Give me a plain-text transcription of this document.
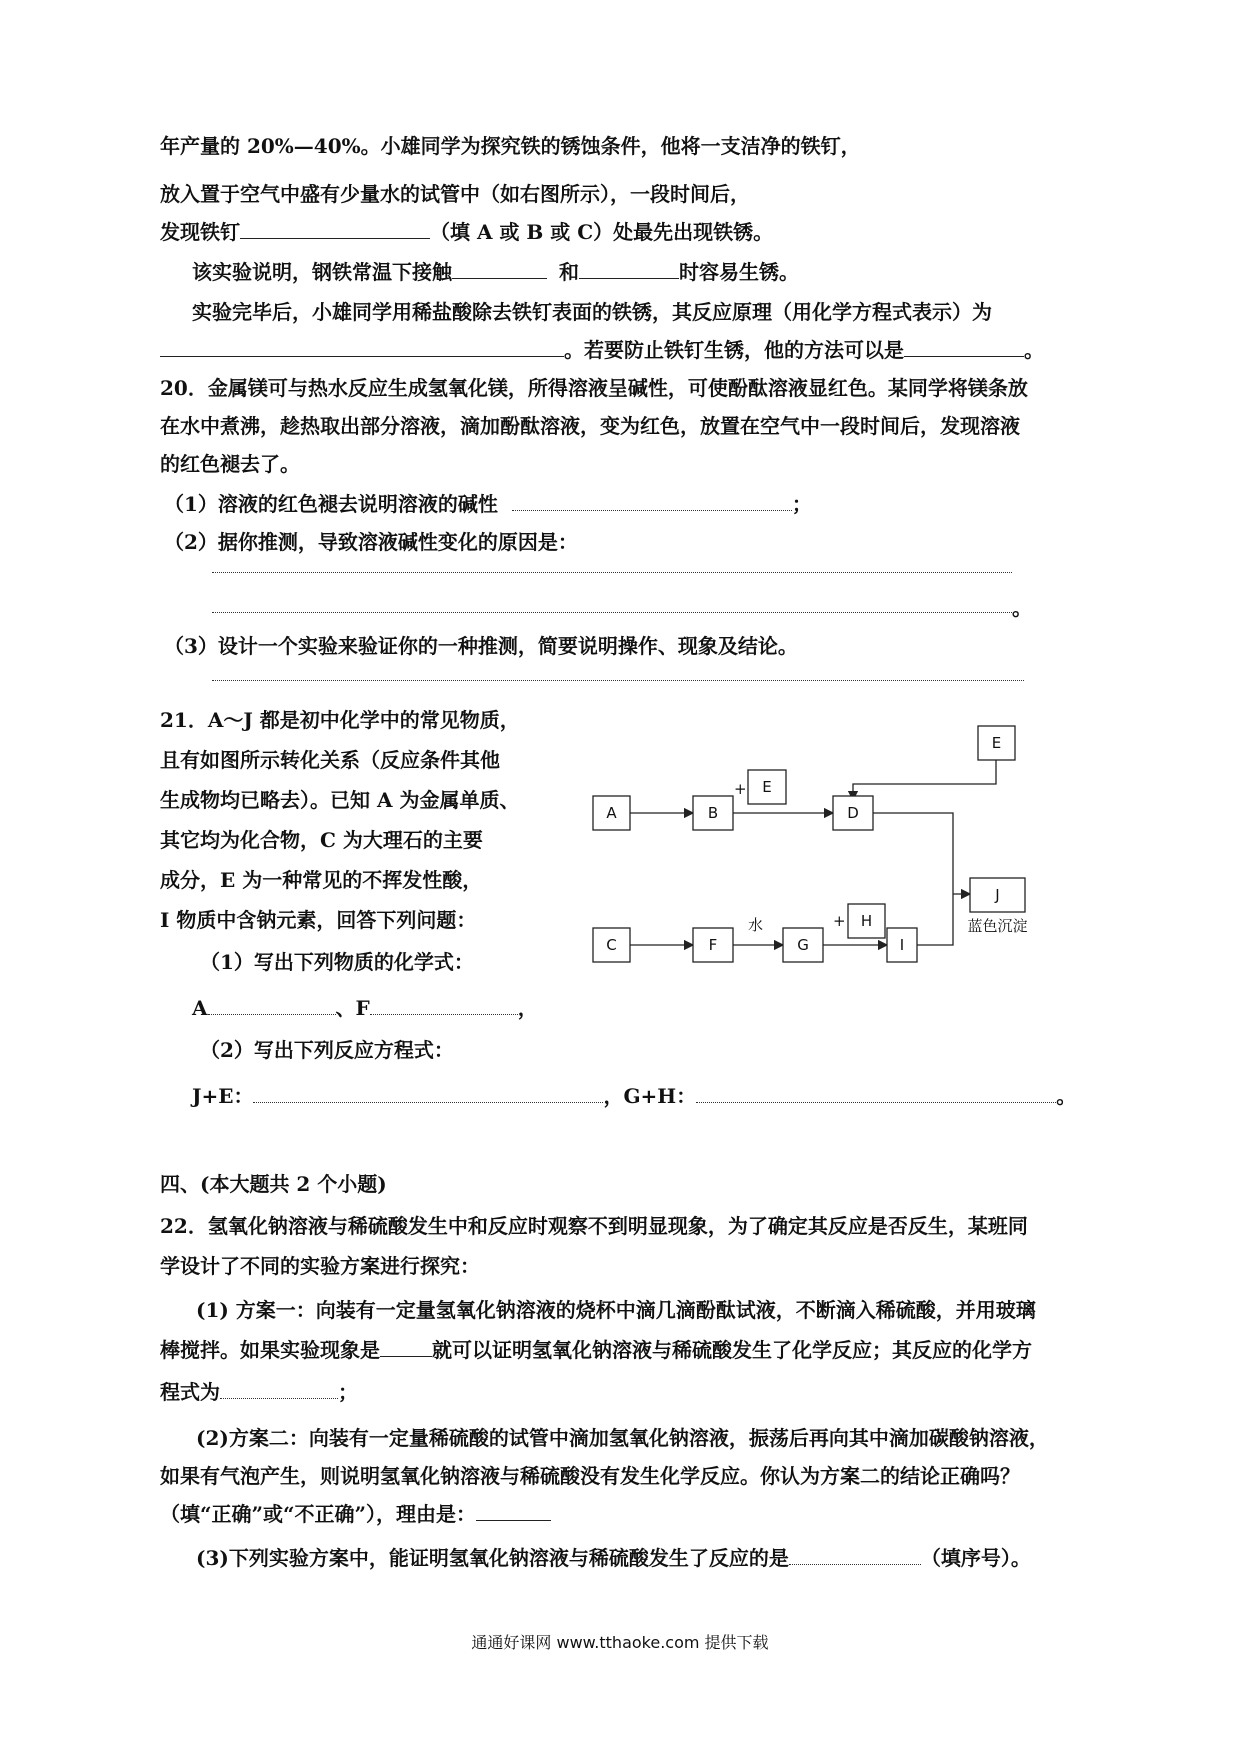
年产量的 20%—40%。小雄同学为探究铁的锈蚀条件，他将一支洁净的铁钉，
放入置于空气中盛有少量水的试管中（如右图所示），一段时间后，
发现铁钉	（填 A 或 B 或 C）处最先出现铁锈。
该实验说明，钢铁常温下接触	和	时容易生锈。
实验完毕后，小雄同学用稀盐酸除去铁钉表面的铁锈，其反应原理（用化学方程式表示）为
。若要防止铁钉生锈，他的方法可以是	。
20．金属镁可与热水反应生成氢氧化镁，所得溶液呈碱性，可使酚酞溶液显红色。某同学将镁条放
在水中煮沸，趁热取出部分溶液，滴加酚酞溶液，变为红色，放置在空气中一段时间后，发现溶液
的红色褪去了。
（1）溶液的红色褪去说明溶液的碱性	；
（2）据你推测，导致溶液碱性变化的原因是：
。
（3）设计一个实验来验证你的一种推测，简要说明操作、现象及结论。
21．A～J 都是初中化学中的常见物质，
且有如图所示转化关系（反应条件其他
生成物均已略去）。已知 A 为金属单质、
其它均为化合物，C 为大理石的主要
成分，E 为一种常见的不挥发性酸，
I 物质中含钠元素，回答下列问题：
（1）写出下列物质的化学式：
A	、F	，
（2）写出下列反应方程式：
J+E：	，G+H：	。
A	B
E
+
D
E
J
蓝色沉淀
C	F
水
G
+ H
I
四、(本大题共 2 个小题)
22．氢氧化钠溶液与稀硫酸发生中和反应时观察不到明显现象，为了确定其反应是否反生，某班同
学设计了不同的实验方案进行探究：
(1) 方案一：向装有一定量氢氧化钠溶液的烧杯中滴几滴酚酞试液，不断滴入稀硫酸，并用玻璃
棒搅拌。如果实验现象是	就可以证明氢氧化钠溶液与稀硫酸发生了化学反应；其反应的化学方
程式为	；
(2)方案二：向装有一定量稀硫酸的试管中滴加氢氧化钠溶液，振荡后再向其中滴加碳酸钠溶液，
如果有气泡产生，则说明氢氧化钠溶液与稀硫酸没有发生化学反应。你认为方案二的结论正确吗？
（填“正确”或“不正确”），理由是：
(3)下列实验方案中，能证明氢氧化钠溶液与稀硫酸发生了反应的是	（填序号）。
通通好课网 www.tthaoke.com 提供下载
